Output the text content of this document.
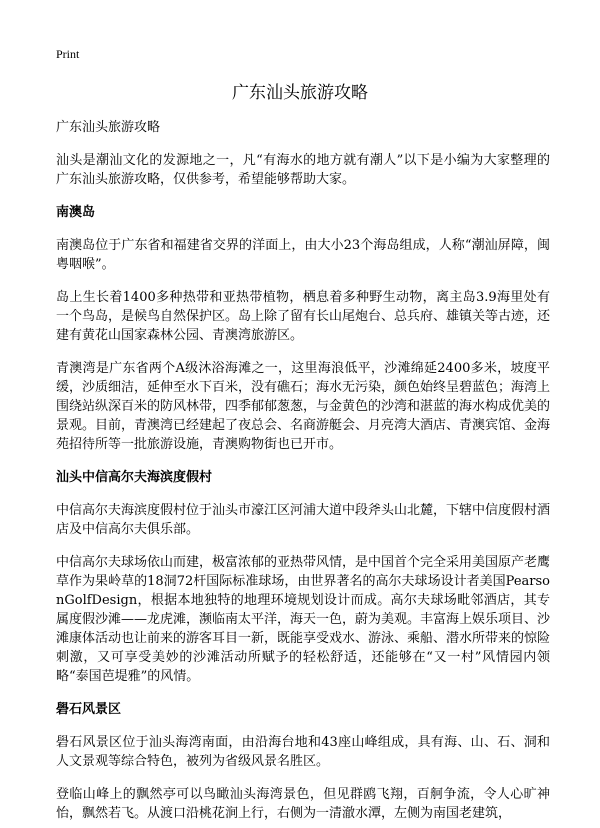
Print
广东汕头旅游攻略

广东汕头旅游攻略

汕头是潮汕文化的发源地之一，凡“有海水的地方就有潮人”以下是小编为大家整理的广东汕头旅游攻略，仅供参考，希望能够帮助大家。

南澳岛

南澳岛位于广东省和福建省交界的洋面上，由大小23个海岛组成，人称“潮汕屏障，闽粤咽喉”。

岛上生长着1400多种热带和亚热带植物，栖息着多种野生动物，离主岛3.9海里处有一个鸟岛，是候鸟自然保护区。岛上除了留有长山尾炮台、总兵府、雄镇关等古迹，还建有黄花山国家森林公园、青澳湾旅游区。

青澳湾是广东省两个A级沐浴海滩之一，这里海浪低平，沙滩绵延2400多米，坡度平缓，沙质细洁，延伸至水下百米，没有礁石；海水无污染，颜色始终呈碧蓝色；海湾上围绕站纵深百米的防风林带，四季郁郁葱葱，与金黄色的沙湾和湛蓝的海水构成优美的景观。目前，青澳湾已经建起了夜总会、名商游艇会、月亮湾大酒店、青澳宾馆、金海苑招待所等一批旅游设施，青澳购物街也已开市。

汕头中信高尔夫海滨度假村

中信高尔夫海滨度假村位于汕头市濠江区河浦大道中段斧头山北麓，下辖中信度假村酒店及中信高尔夫俱乐部。

中信高尔夫球场依山而建，极富浓郁的亚热带风情，是中国首个完全采用美国原产老鹰草作为果岭草的18洞72杆国际标准球场，由世界著名的高尔夫球场设计者美国PearsonGolfDesign，根据本地独特的地理环境规划设计而成。高尔夫球场毗邻酒店，其专属度假沙滩——龙虎滩，濒临南太平洋，海天一色，蔚为美观。丰富海上娱乐项目、沙滩康体活动也让前来的游客耳目一新，既能享受戏水、游泳、乘船、潜水所带来的惊险刺激，又可享受美妙的沙滩活动所赋予的轻松舒适，还能够在“又一村”风情园内领略“泰国芭堤雅”的风情。

礐石风景区

礐石风景区位于汕头海湾南面，由沿海台地和43座山峰组成，具有海、山、石、洞和人文景观等综合特色，被列为省级风景名胜区。

登临山峰上的飘然亭可以鸟瞰汕头海湾景色，但见群鸥飞翔，百舸争流，令人心旷神怡，飘然若飞。从渡口沿桃花涧上行，右侧为一清澈水潭，左侧为南国老建筑，
